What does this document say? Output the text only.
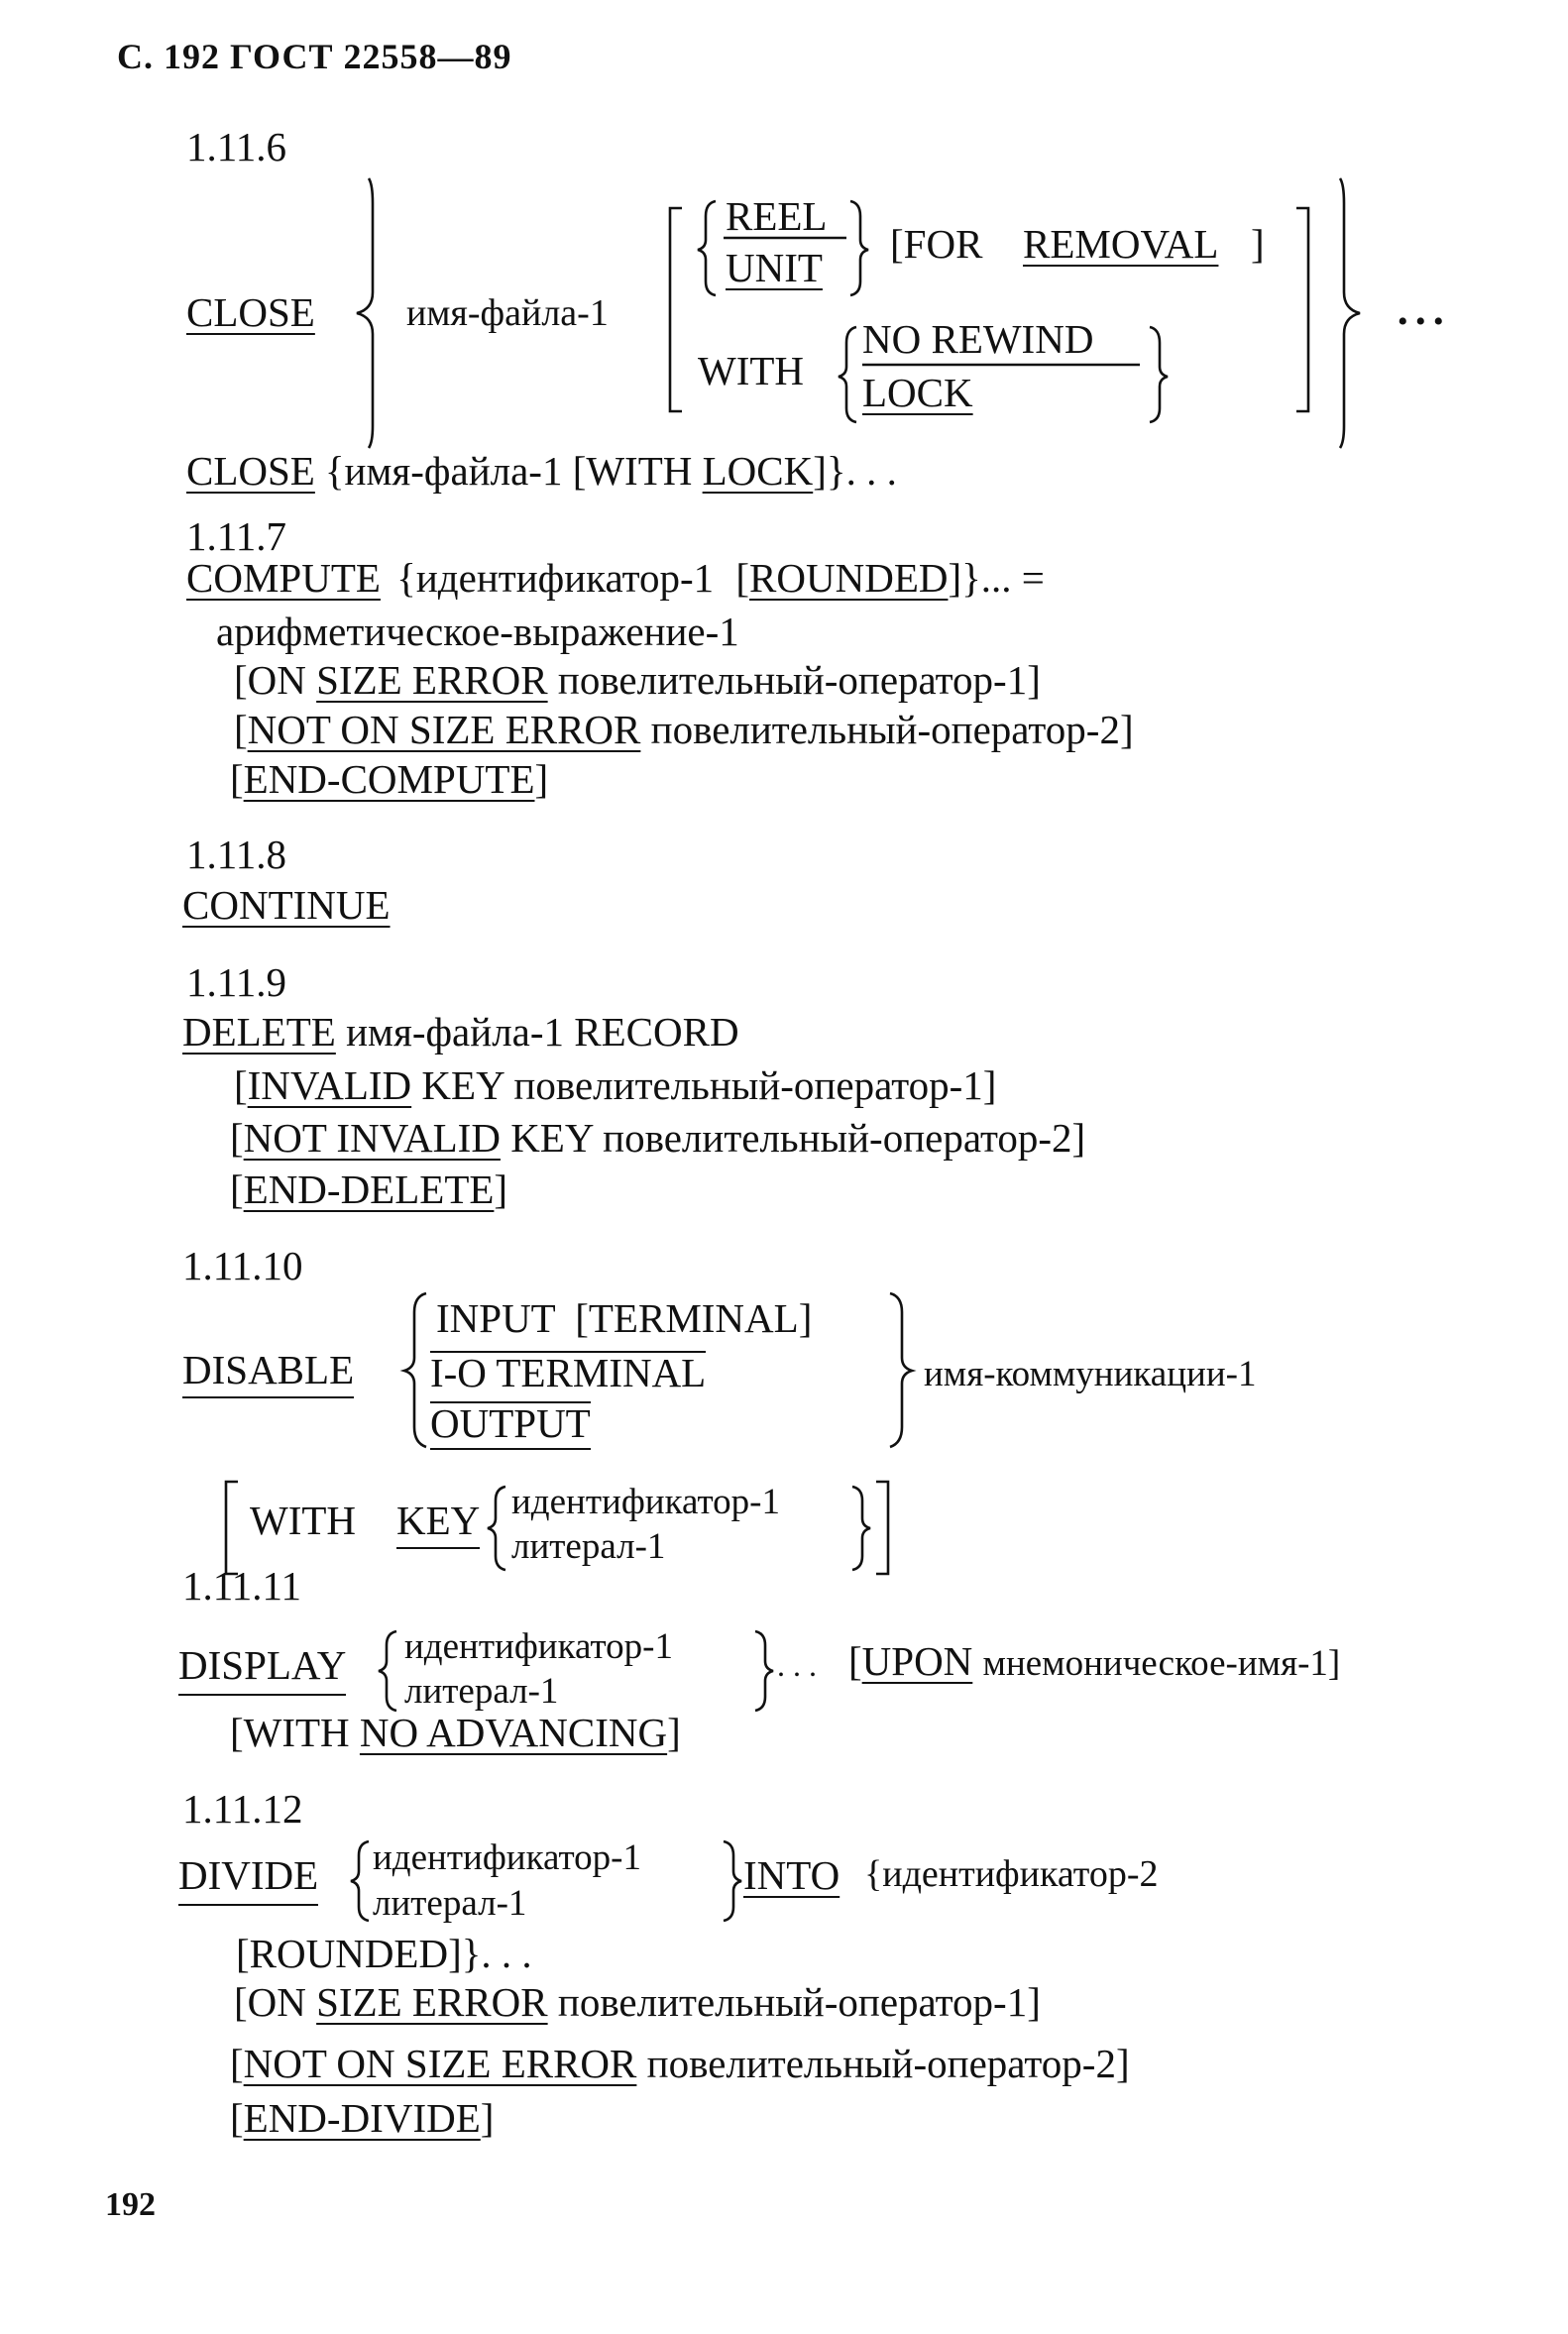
С. 192 ГОСТ 22558—89
1.11.6
CLOSE имя-файла-1
REEL
UNIT
[FOR REMOVAL ]
WITH
NO REWIND
LOCK
• • •
CLOSE {имя-файла-1 [WITH LOCK]}. . .
1.11.7
COMPUTE {идентификатор-1 [ROUNDED]}... =
арифметическое-выражение-1
[ON SIZE ERROR повелительный-оператор-1]
[NOT ON SIZE ERROR повелительный-оператор-2]
[END-COMPUTE]
1.11.8
CONTINUE
1.11.9
DELETE имя-файла-1 RECORD
[INVALID KEY повелительный-оператор-1]
[NOT INVALID KEY повелительный-оператор-2]
[END-DELETE]
1.11.10
DISABLE
INPUT [TERMINAL]
I-O TERMINAL
OUTPUT
имя-коммуникации-1
WITH KEY идентификатор-1
литерал-1
1.11.11
DISPLAY идентификатор-1
литерал-1
. . . [UPON мнемоническое-имя-1]
[WITH NO ADVANCING]
1.11.12
DIVIDE идентификатор-1
литерал-1
INTO {идентификатор-2
[ROUNDED]}. . .
[ON SIZE ERROR повелительный-оператор-1]
[NOT ON SIZE ERROR повелительный-оператор-2]
[END-DIVIDE]
192
